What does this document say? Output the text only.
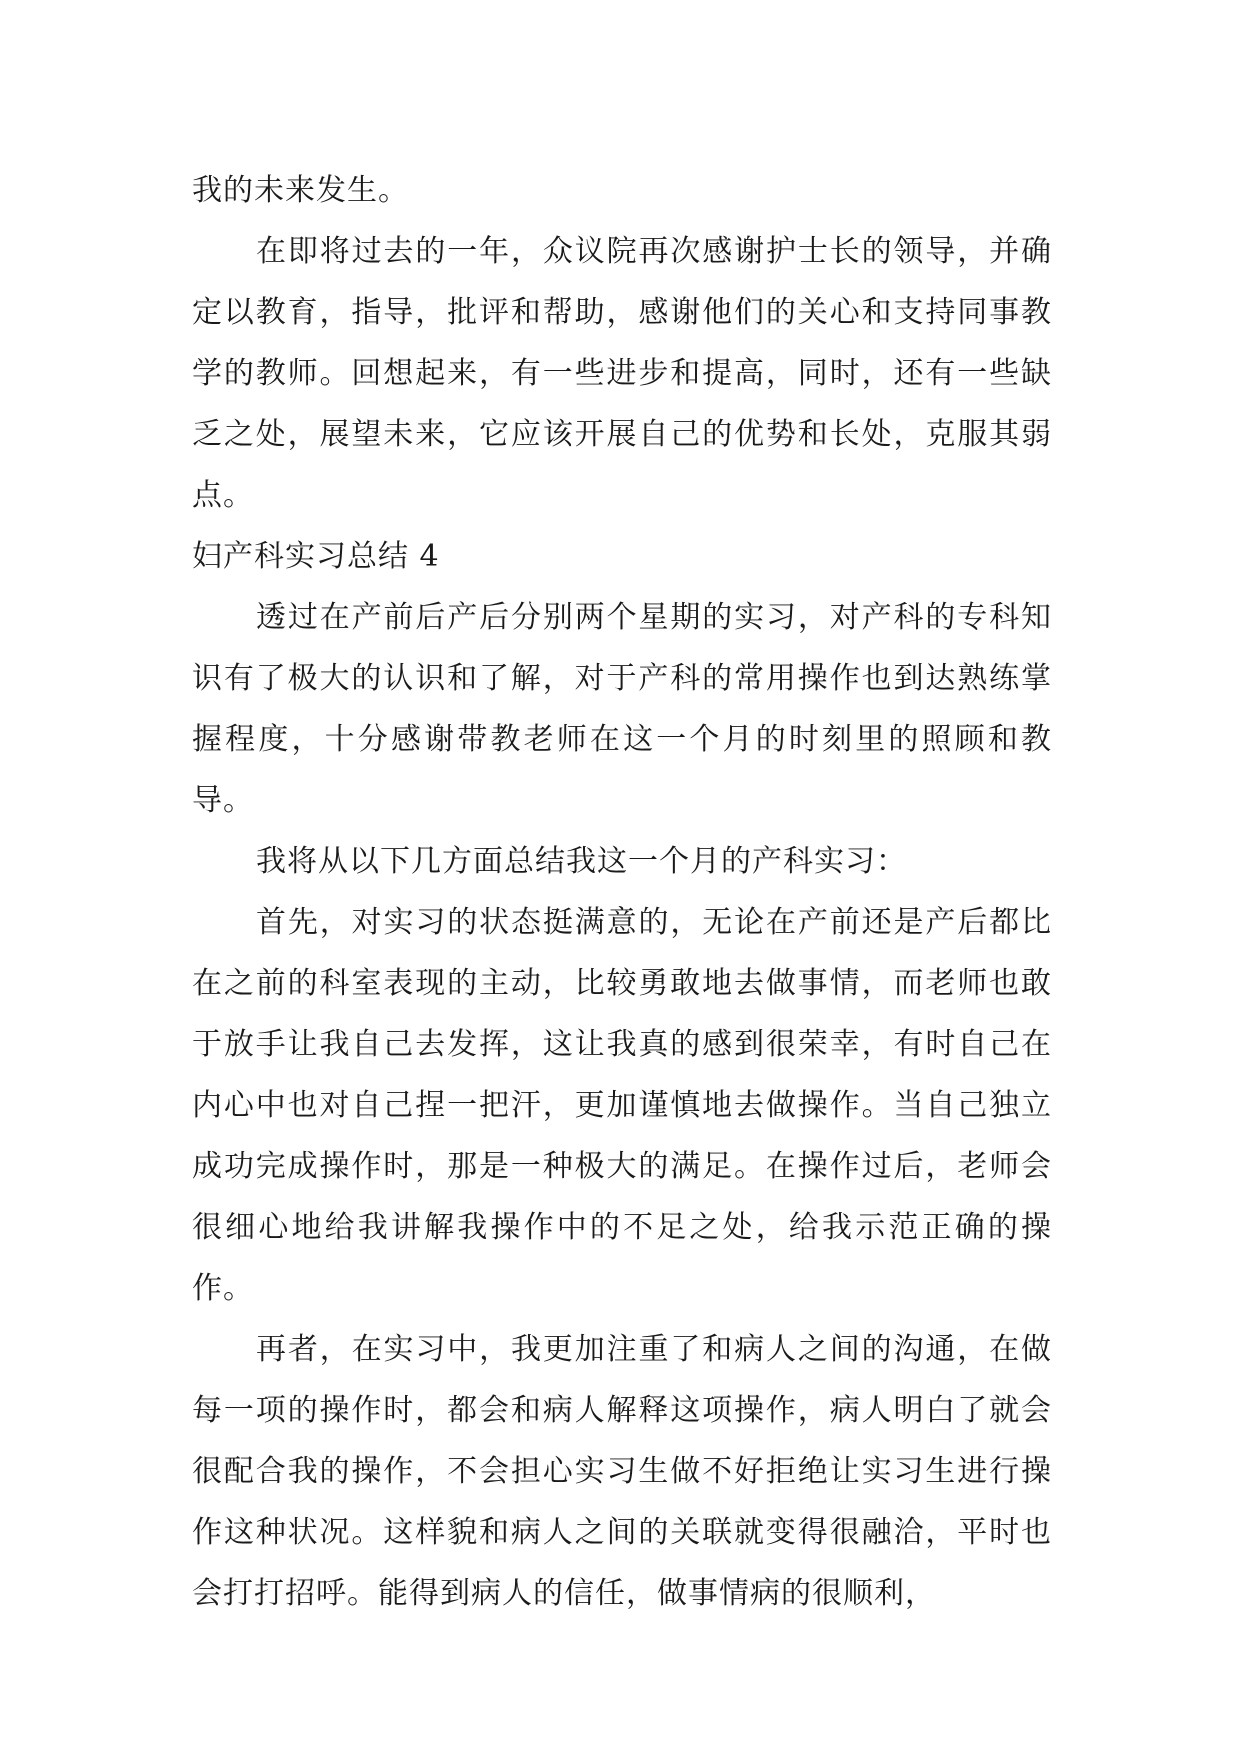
我的未来发生。

在即将过去的一年，众议院再次感谢护士长的领导，并确定以教育，指导，批评和帮助，感谢他们的关心和支持同事教学的教师。回想起来，有一些进步和提高，同时，还有一些缺乏之处，展望未来，它应该开展自己的优势和长处，克服其弱点。

妇产科实习总结 4

透过在产前后产后分别两个星期的实习，对产科的专科知识有了极大的认识和了解，对于产科的常用操作也到达熟练掌握程度，十分感谢带教老师在这一个月的时刻里的照顾和教导。

我将从以下几方面总结我这一个月的产科实习：

首先，对实习的状态挺满意的，无论在产前还是产后都比在之前的科室表现的主动，比较勇敢地去做事情，而老师也敢于放手让我自己去发挥，这让我真的感到很荣幸，有时自己在内心中也对自己捏一把汗，更加谨慎地去做操作。当自己独立成功完成操作时，那是一种极大的满足。在操作过后，老师会很细心地给我讲解我操作中的不足之处，给我示范正确的操作。

再者，在实习中，我更加注重了和病人之间的沟通，在做每一项的操作时，都会和病人解释这项操作，病人明白了就会很配合我的操作，不会担心实习生做不好拒绝让实习生进行操作这种状况。这样貌和病人之间的关联就变得很融洽，平时也会打打招呼。能得到病人的信任，做事情病的很顺利，
